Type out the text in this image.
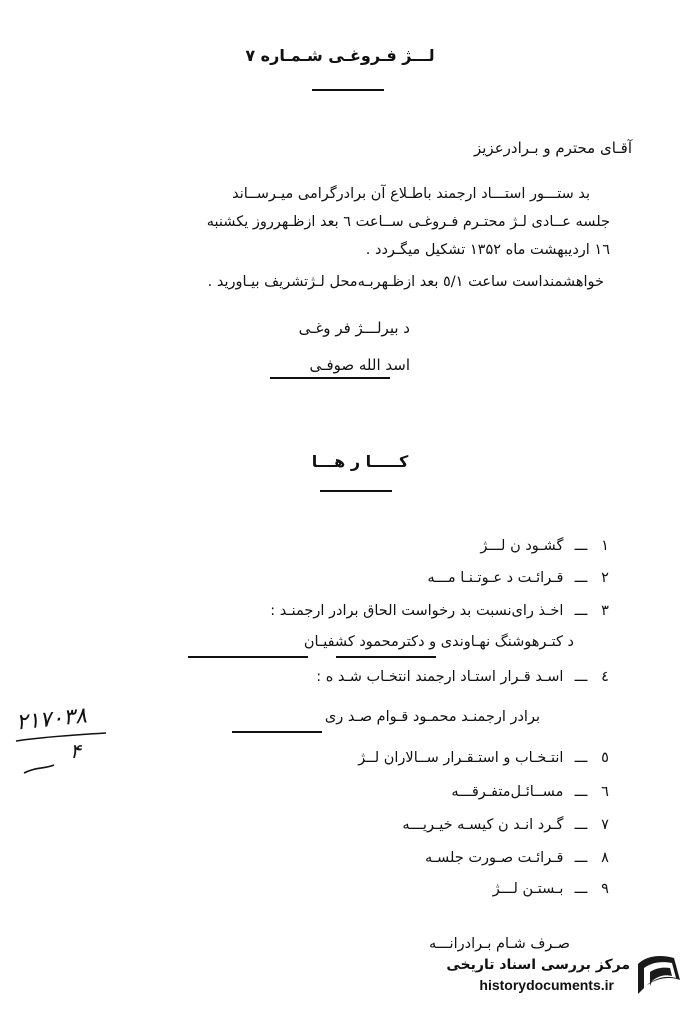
لـــژ فـروغـی شـمـاره ۷
آقـای محترم و بـرادرعزیز
بد ستـــور استـــاد ارجمند باطـلاع آن برادرگرامی میـرســاند
جلسه عــادی لـژ محتـرم فـروغـی ســاعت ٦ بعد ازظـهرروز یکشنبه
۱٦ اردیبهشت ماه ۱۳۵۲ تشکیل میگـردد .
خواهشمنداست ساعت ٥/۱ بعد ازظـهربـه‌محل لـژتشریف بیـاورید .
د بیرلـــژ فر وغـی
اسد الله صوفـی
کـــــا ر هـــا
۱ـــ گشـود ن لـــژ
۲ـــ قـرائـت د عـوتـنـا مـــه
۳ـــ اخـذ رای‌نسبت بد رخواست الحاق برادر ارجمنـد :
د کتـرهوشنگ نهـاوندی و دکترمحمود کشفیـان
٤ـــ اسـد قـرار استـاد ارجمند انتخـاب شـد ه :
برادر ارجمنـد محمـود قـوام صـد ری
٥ـــ انتـخـاب و استـقـرار ســالاران لــژ
٦ـــ مســائـل‌متفـرقـــه
۷ـــ گـرد انـد ن کیسـه خیـریـــه
۸ـــ قـرائـت صـورت جلسـه
۹ـــ بـستـن لـــژ
۲۱۷۰۳۸
۴
صـرف شـام بـرادرانـــه
مرکز بررسی اسناد تاریخی
historydocuments.ir
